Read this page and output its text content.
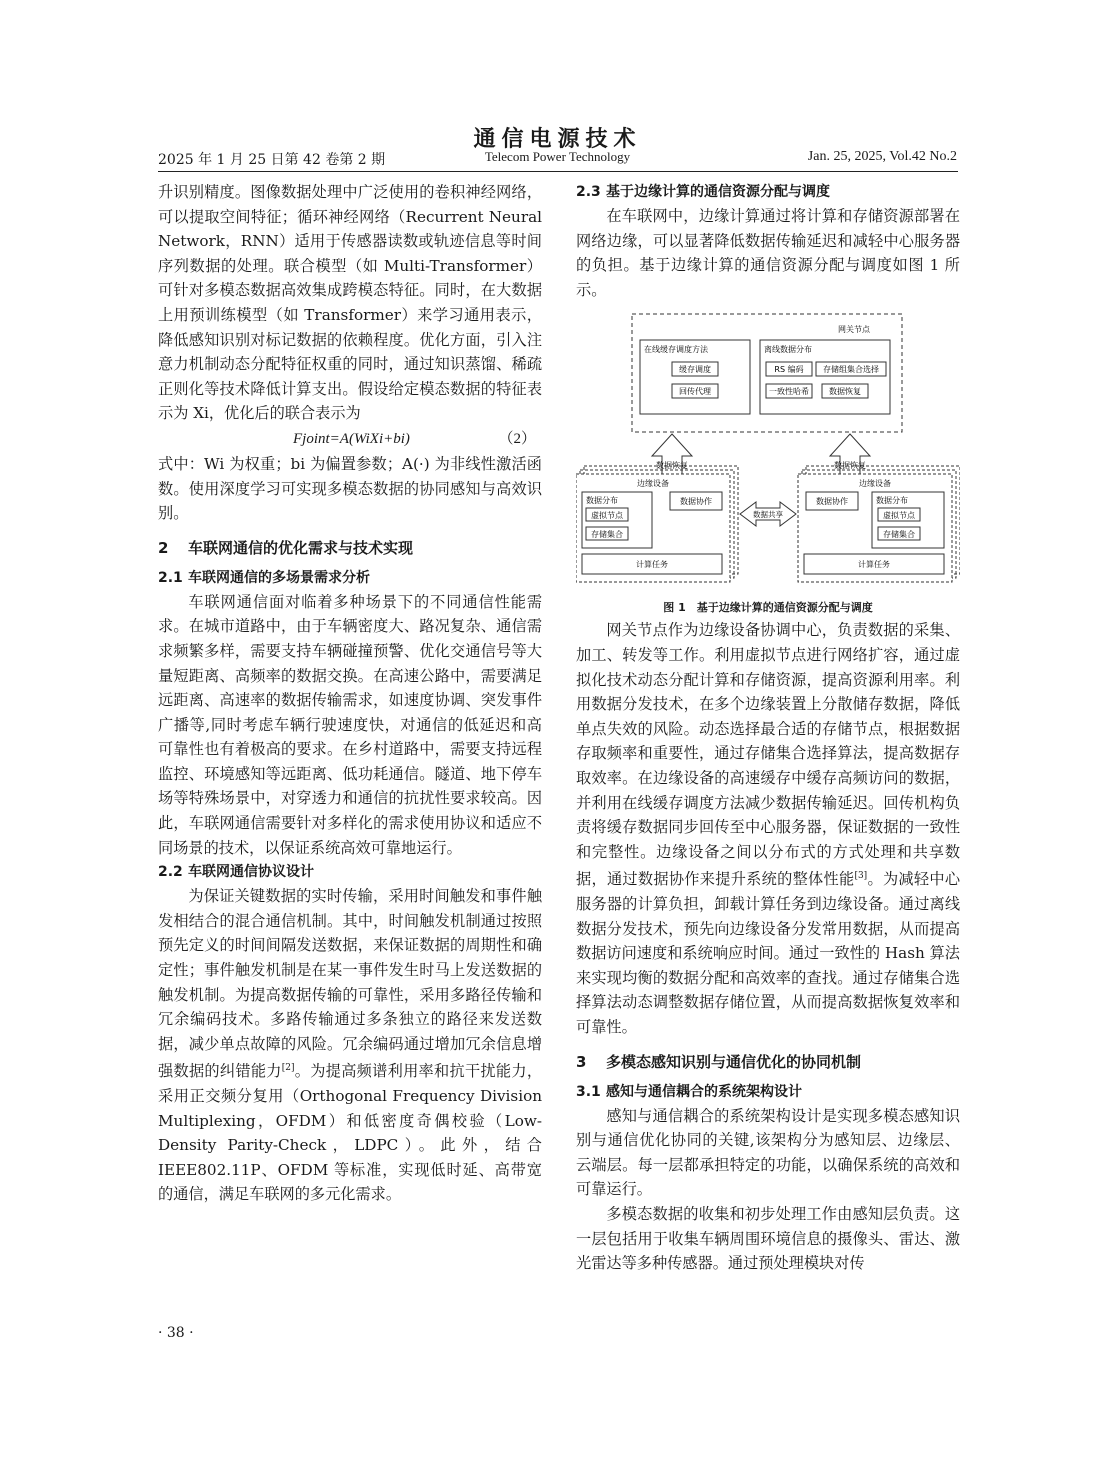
通信电源技术
2025 年 1 月 25 日第 42 卷第 2 期	Telecom Power Technology	Jan. 25, 2025, Vol.42 No.2

升识别精度。图像数据处理中广泛使用的卷积神经网络，可以提取空间特征；循环神经网络（Recurrent Neural Network，RNN）适用于传感器读数或轨迹信息等时间序列数据的处理。联合模型（如 Multi-Transformer）可针对多模态数据高效集成跨模态特征。同时，在大数据上用预训练模型（如 Transformer）来学习通用表示，降低感知识别对标记数据的依赖程度。优化方面，引入注意力机制动态分配特征权重的同时，通过知识蒸馏、稀疏正则化等技术降低计算支出。假设给定模态数据的特征表示为 Xi，优化后的联合表示为

Fjoint=A(WiXi+bi)	（2）

式中：Wi 为权重；bi 为偏置参数；A(·) 为非线性激活函数。使用深度学习可实现多模态数据的协同感知与高效识别。

2 车联网通信的优化需求与技术实现
2.1 车联网通信的多场景需求分析

车联网通信面对临着多种场景下的不同通信性能需求。在城市道路中，由于车辆密度大、路况复杂、通信需求频繁多样，需要支持车辆碰撞预警、优化交通信号等大量短距离、高频率的数据交换。在高速公路中，需要满足远距离、高速率的数据传输需求，如速度协调、突发事件广播等,同时考虑车辆行驶速度快，对通信的低延迟和高可靠性也有着极高的要求。在乡村道路中，需要支持远程监控、环境感知等远距离、低功耗通信。隧道、地下停车场等特殊场景中，对穿透力和通信的抗扰性要求较高。因此，车联网通信需要针对多样化的需求使用协议和适应不同场景的技术，以保证系统高效可靠地运行。

2.2 车联网通信协议设计

为保证关键数据的实时传输，采用时间触发和事件触发相结合的混合通信机制。其中，时间触发机制通过按照预先定义的时间间隔发送数据，来保证数据的周期性和确定性；事件触发机制是在某一事件发生时马上发送数据的触发机制。为提高数据传输的可靠性，采用多路径传输和冗余编码技术。多路传输通过多条独立的路径来发送数据，减少单点故障的风险。冗余编码通过增加冗余信息增强数据的纠错能力[2]。为提高频谱利用率和抗干扰能力，采用正交频分复用（Orthogonal Frequency Division Multiplexing，OFDM）和低密度奇偶校验（Low-Density Parity-Check，LDPC）。此外，结合 IEEE802.11P、OFDM 等标准，实现低时延、高带宽的通信，满足车联网的多元化需求。

2.3 基于边缘计算的通信资源分配与调度

在车联网中，边缘计算通过将计算和存储资源部署在网络边缘，可以显著降低数据传输延迟和减轻中心服务器的负担。基于边缘计算的通信资源分配与调度如图 1 所示。

网关节点
在线缓存调度方法
缓存调度
回传代理
离线数据分布
RS 编码 存储组集合选择
一致性哈希	数据恢复
数据恢复	数据恢复
边缘设备
数据分布
虚拟节点
存储集合
数据协作
计算任务
数据共享
边缘设备
数据协作	数据分布
虚拟节点
存储集合
计算任务
图 1　基于边缘计算的通信资源分配与调度

网关节点作为边缘设备协调中心，负责数据的采集、加工、转发等工作。利用虚拟节点进行网络扩容，通过虚拟化技术动态分配计算和存储资源，提高资源利用率。利用数据分发技术，在多个边缘装置上分散储存数据，降低单点失效的风险。动态选择最合适的存储节点，根据数据存取频率和重要性，通过存储集合选择算法，提高数据存取效率。在边缘设备的高速缓存中缓存高频访问的数据，并利用在线缓存调度方法减少数据传输延迟。回传机构负责将缓存数据同步回传至中心服务器，保证数据的一致性和完整性。边缘设备之间以分布式的方式处理和共享数据，通过数据协作来提升系统的整体性能[3]。为减轻中心服务器的计算负担，卸载计算任务到边缘设备。通过离线数据分发技术，预先向边缘设备分发常用数据，从而提高数据访问速度和系统响应时间。通过一致性的 Hash 算法来实现均衡的数据分配和高效率的查找。通过存储集合选择算法动态调整数据存储位置，从而提高数据恢复效率和可靠性。

3 多模态感知识别与通信优化的协同机制
3.1 感知与通信耦合的系统架构设计

感知与通信耦合的系统架构设计是实现多模态感知识别与通信优化协同的关键,该架构分为感知层、边缘层、云端层。每一层都承担特定的功能，以确保系统的高效和可靠运行。

多模态数据的收集和初步处理工作由感知层负责。这一层包括用于收集车辆周围环境信息的摄像头、雷达、激光雷达等多种传感器。通过预处理模块对传

· 38 ·
